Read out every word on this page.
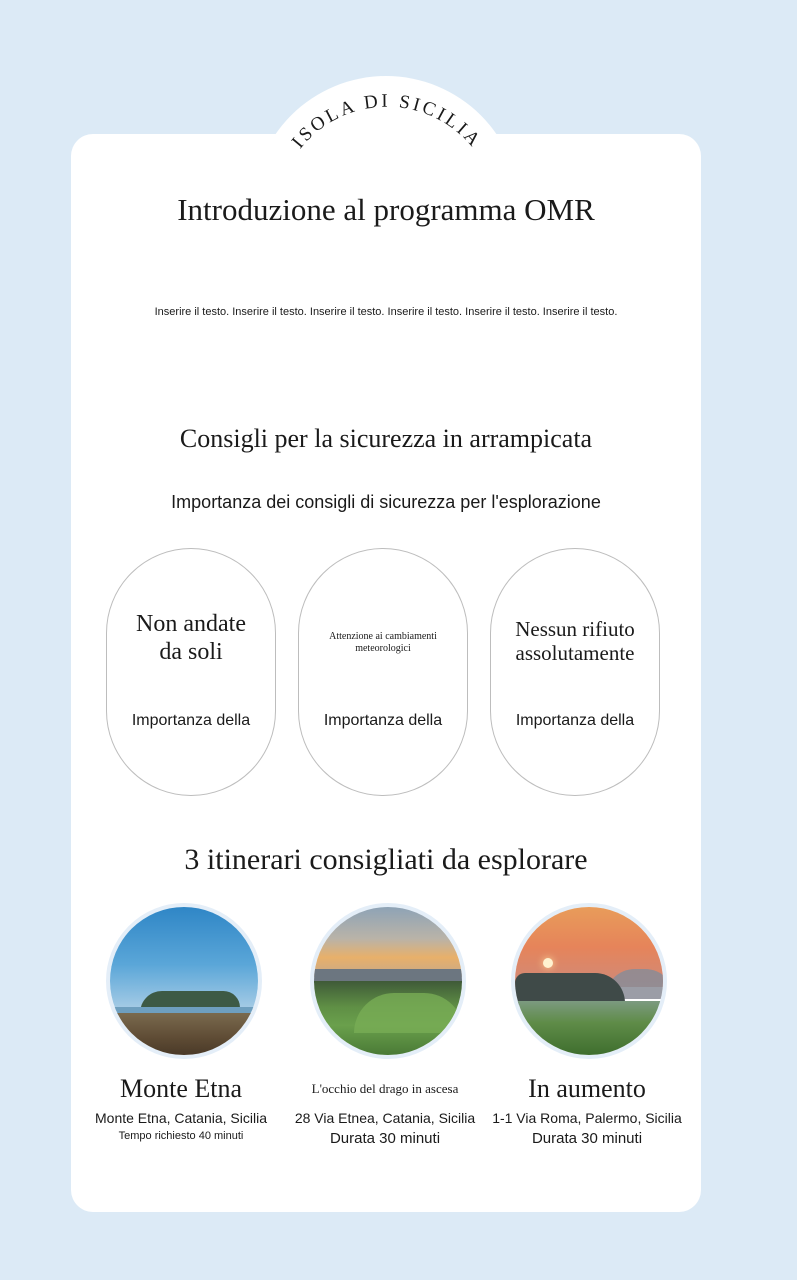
ISOLA DI SICILIA
Introduzione al programma OMR

Inserire il testo. Inserire il testo. Inserire il testo. Inserire il testo. Inserire il testo. Inserire il testo.

Consigli per la sicurezza in arrampicata

Importanza dei consigli di sicurezza per l'esplorazione

Non andate da soli
Importanza della
Attenzione ai cambiamenti meteorologici
Importanza della
Nessun rifiuto assolutamente
Importanza della
3 itinerari consigliati da esplorare
Monte Etna
Monte Etna, Catania, Sicilia
Tempo richiesto 40 minuti
L'occhio del drago in ascesa
28 Via Etnea, Catania, Sicilia
Durata 30 minuti
In aumento
1-1 Via Roma, Palermo, Sicilia
Durata 30 minuti
